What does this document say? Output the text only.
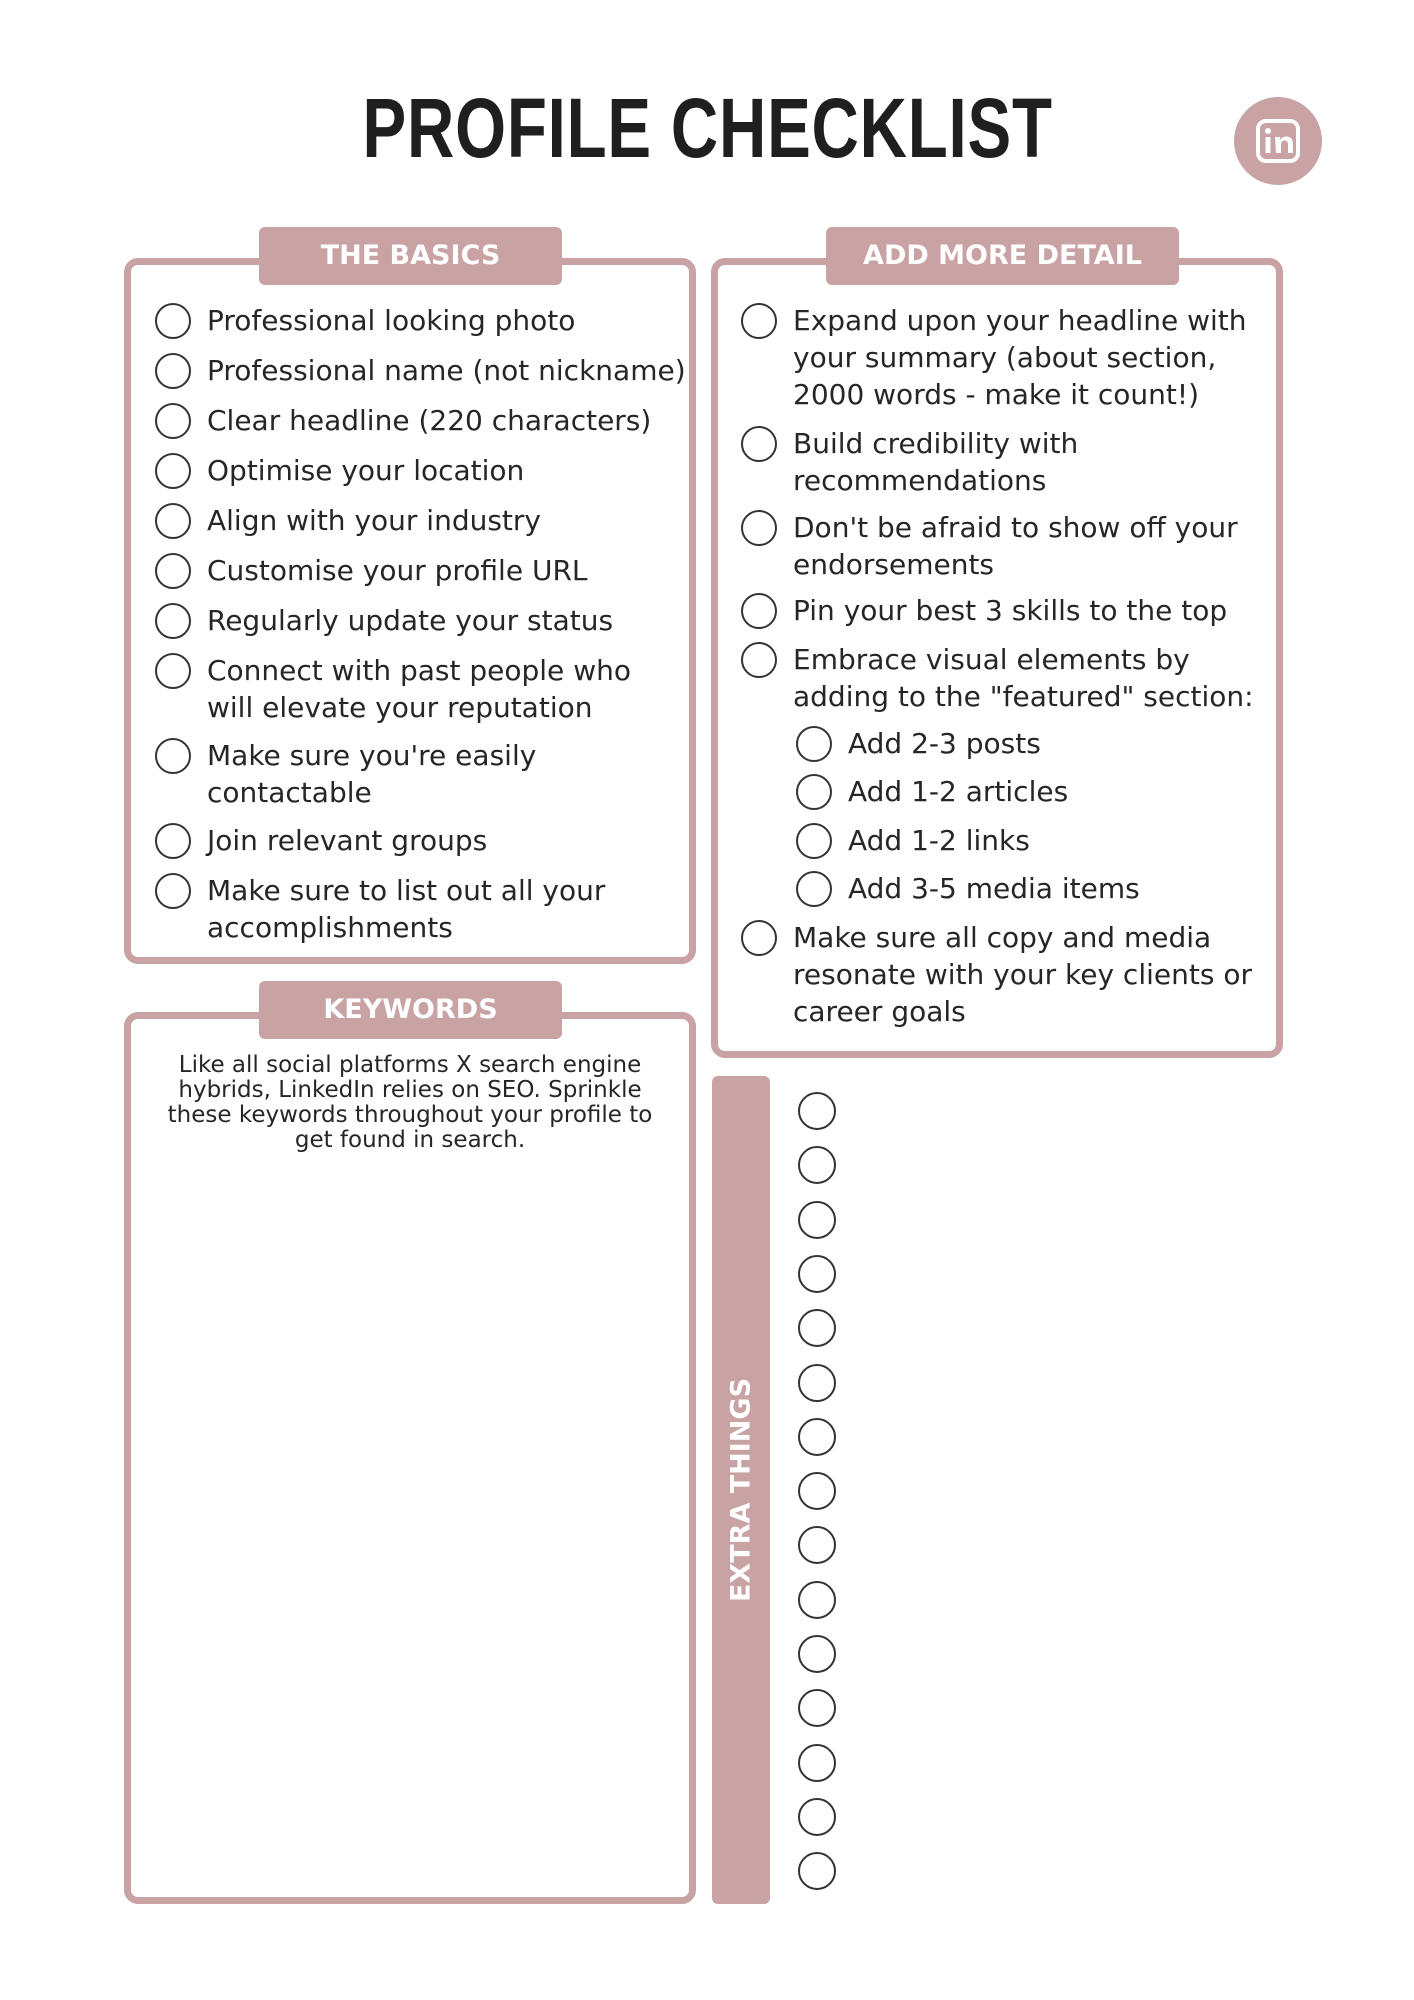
PROFILE CHECKLIST
THE BASICS
Professional looking photo
Professional name (not nickname)
Clear headline (220 characters)
Optimise your location
Align with your industry
Customise your profile URL
Regularly update your status
Connect with past people who
will elevate your reputation
Make sure you're easily
contactable
Join relevant groups
Make sure to list out all your
accomplishments
ADD MORE DETAIL
Expand upon your headline with
your summary (about section,
2000 words - make it count!)
Build credibility with
recommendations
Don't be afraid to show off your
endorsements
Pin your best 3 skills to the top
Embrace visual elements by
adding to the "featured" section:
Add 2-3 posts
Add 1-2 articles
Add 1-2 links
Add 3-5 media items
Make sure all copy and media
resonate with your key clients or
career goals
KEYWORDS
Like all social platforms X search engine
hybrids, LinkedIn relies on SEO. Sprinkle
these keywords throughout your profile to
get found in search.
EXTRA THINGS
